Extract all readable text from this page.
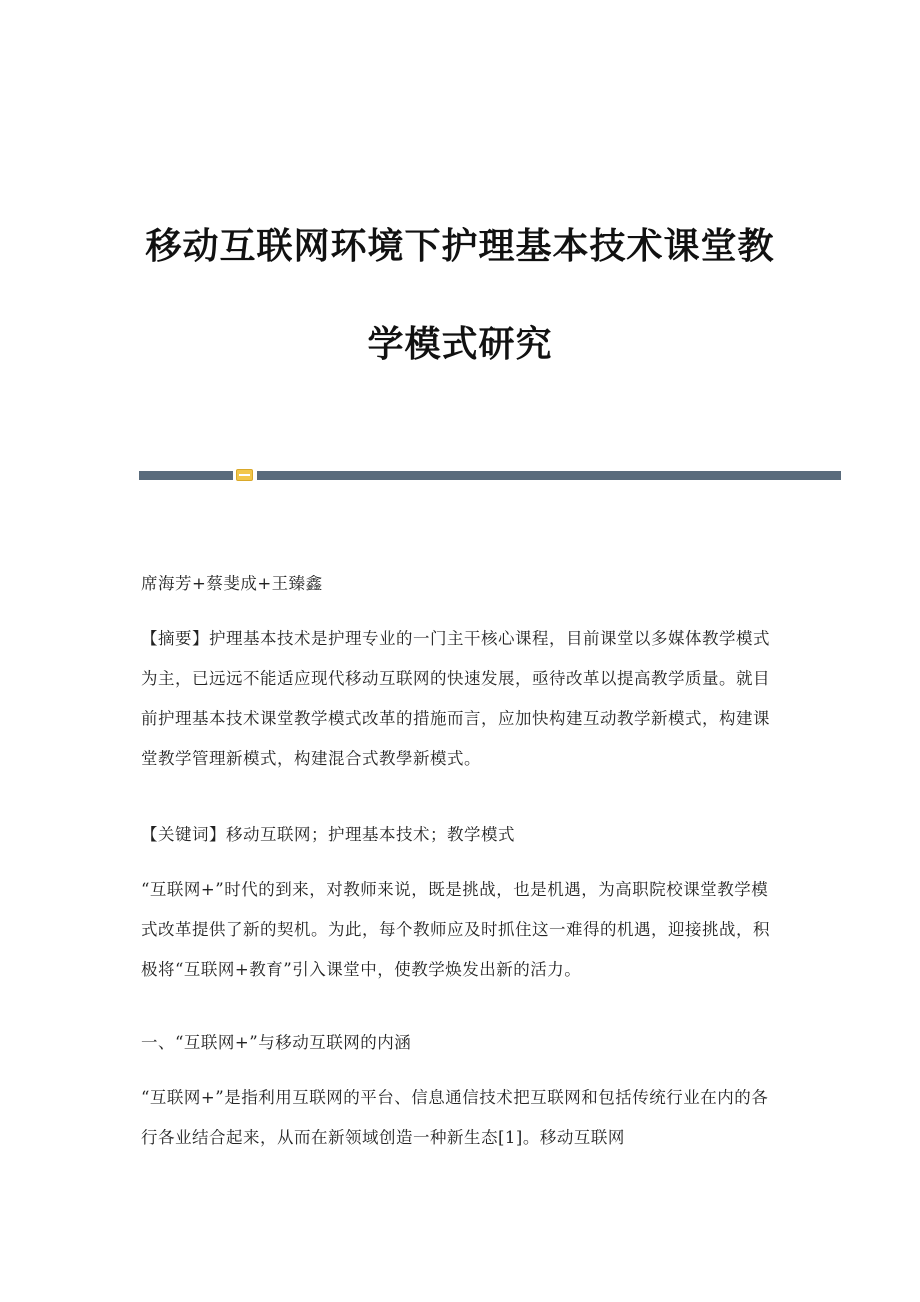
移动互联网环境下护理基本技术课堂教
学模式研究
席海芳+蔡斐成+王臻鑫
【摘要】护理基本技术是护理专业的一门主干核心课程，目前课堂以多媒体教学模式为主，已远远不能适应现代移动互联网的快速发展，亟待改革以提高教学质量。就目前护理基本技术课堂教学模式改革的措施而言，应加快构建互动教学新模式，构建课堂教学管理新模式，构建混合式教學新模式。
【关键词】移动互联网；护理基本技术；教学模式
“互联网+”时代的到来，对教师来说，既是挑战，也是机遇，为高职院校课堂教学模式改革提供了新的契机。为此，每个教师应及时抓住这一难得的机遇，迎接挑战，积极将“互联网+教育”引入课堂中，使教学焕发出新的活力。
一、“互联网+”与移动互联网的内涵
“互联网+”是指利用互联网的平台、信息通信技术把互联网和包括传统行业在内的各行各业结合起来，从而在新领域创造一种新生态[1]。移动互联网
